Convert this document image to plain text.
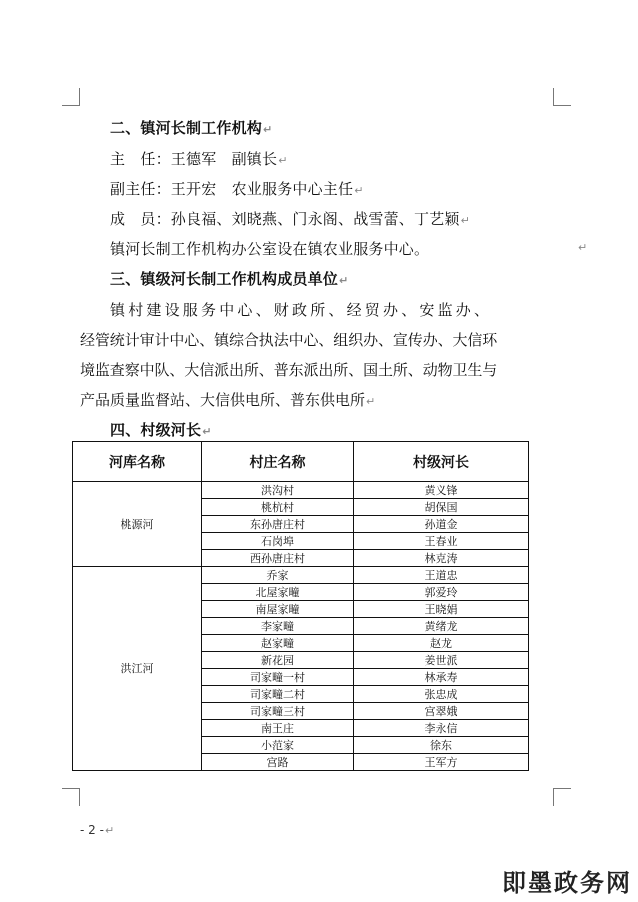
二、镇河长制工作机构↵
主　任：王德军　副镇长↵
副主任：王开宏　农业服务中心主任↵
成　员：孙良福、刘晓燕、门永阁、战雪蕾、丁艺颖↵
镇河长制工作机构办公室设在镇农业服务中心。	↵
三、镇级河长制工作机构成员单位↵
镇村建设服务中心、财政所、经贸办、安监办、
经管统计审计中心、镇综合执法中心、组织办、宣传办、大信环
境监查察中队、大信派出所、普东派出所、国土所、动物卫生与
产品质量监督站、大信供电所、普东供电所↵
四、村级河长↵
河库名称	村庄名称	村级河长
桃源河	洪沟村	黄义锋
	桃杭村	胡保国
	东孙唐庄村	孙道金
	石岗埠	王春业
	西孙唐庄村	林克涛
洪江河	乔家	王道忠
	北屋家疃	郭爱玲
	南屋家疃	王晓娟
	李家疃	黄绪龙
	赵家疃	赵龙
	新花园	姜世派
	司家疃一村	林承寿
	司家疃二村	张忠成
	司家疃三村	宫翠娥
	南王庄	李永信
	小范家	徐东
	宫路	王军方
- 2 -↵
即墨政务网
